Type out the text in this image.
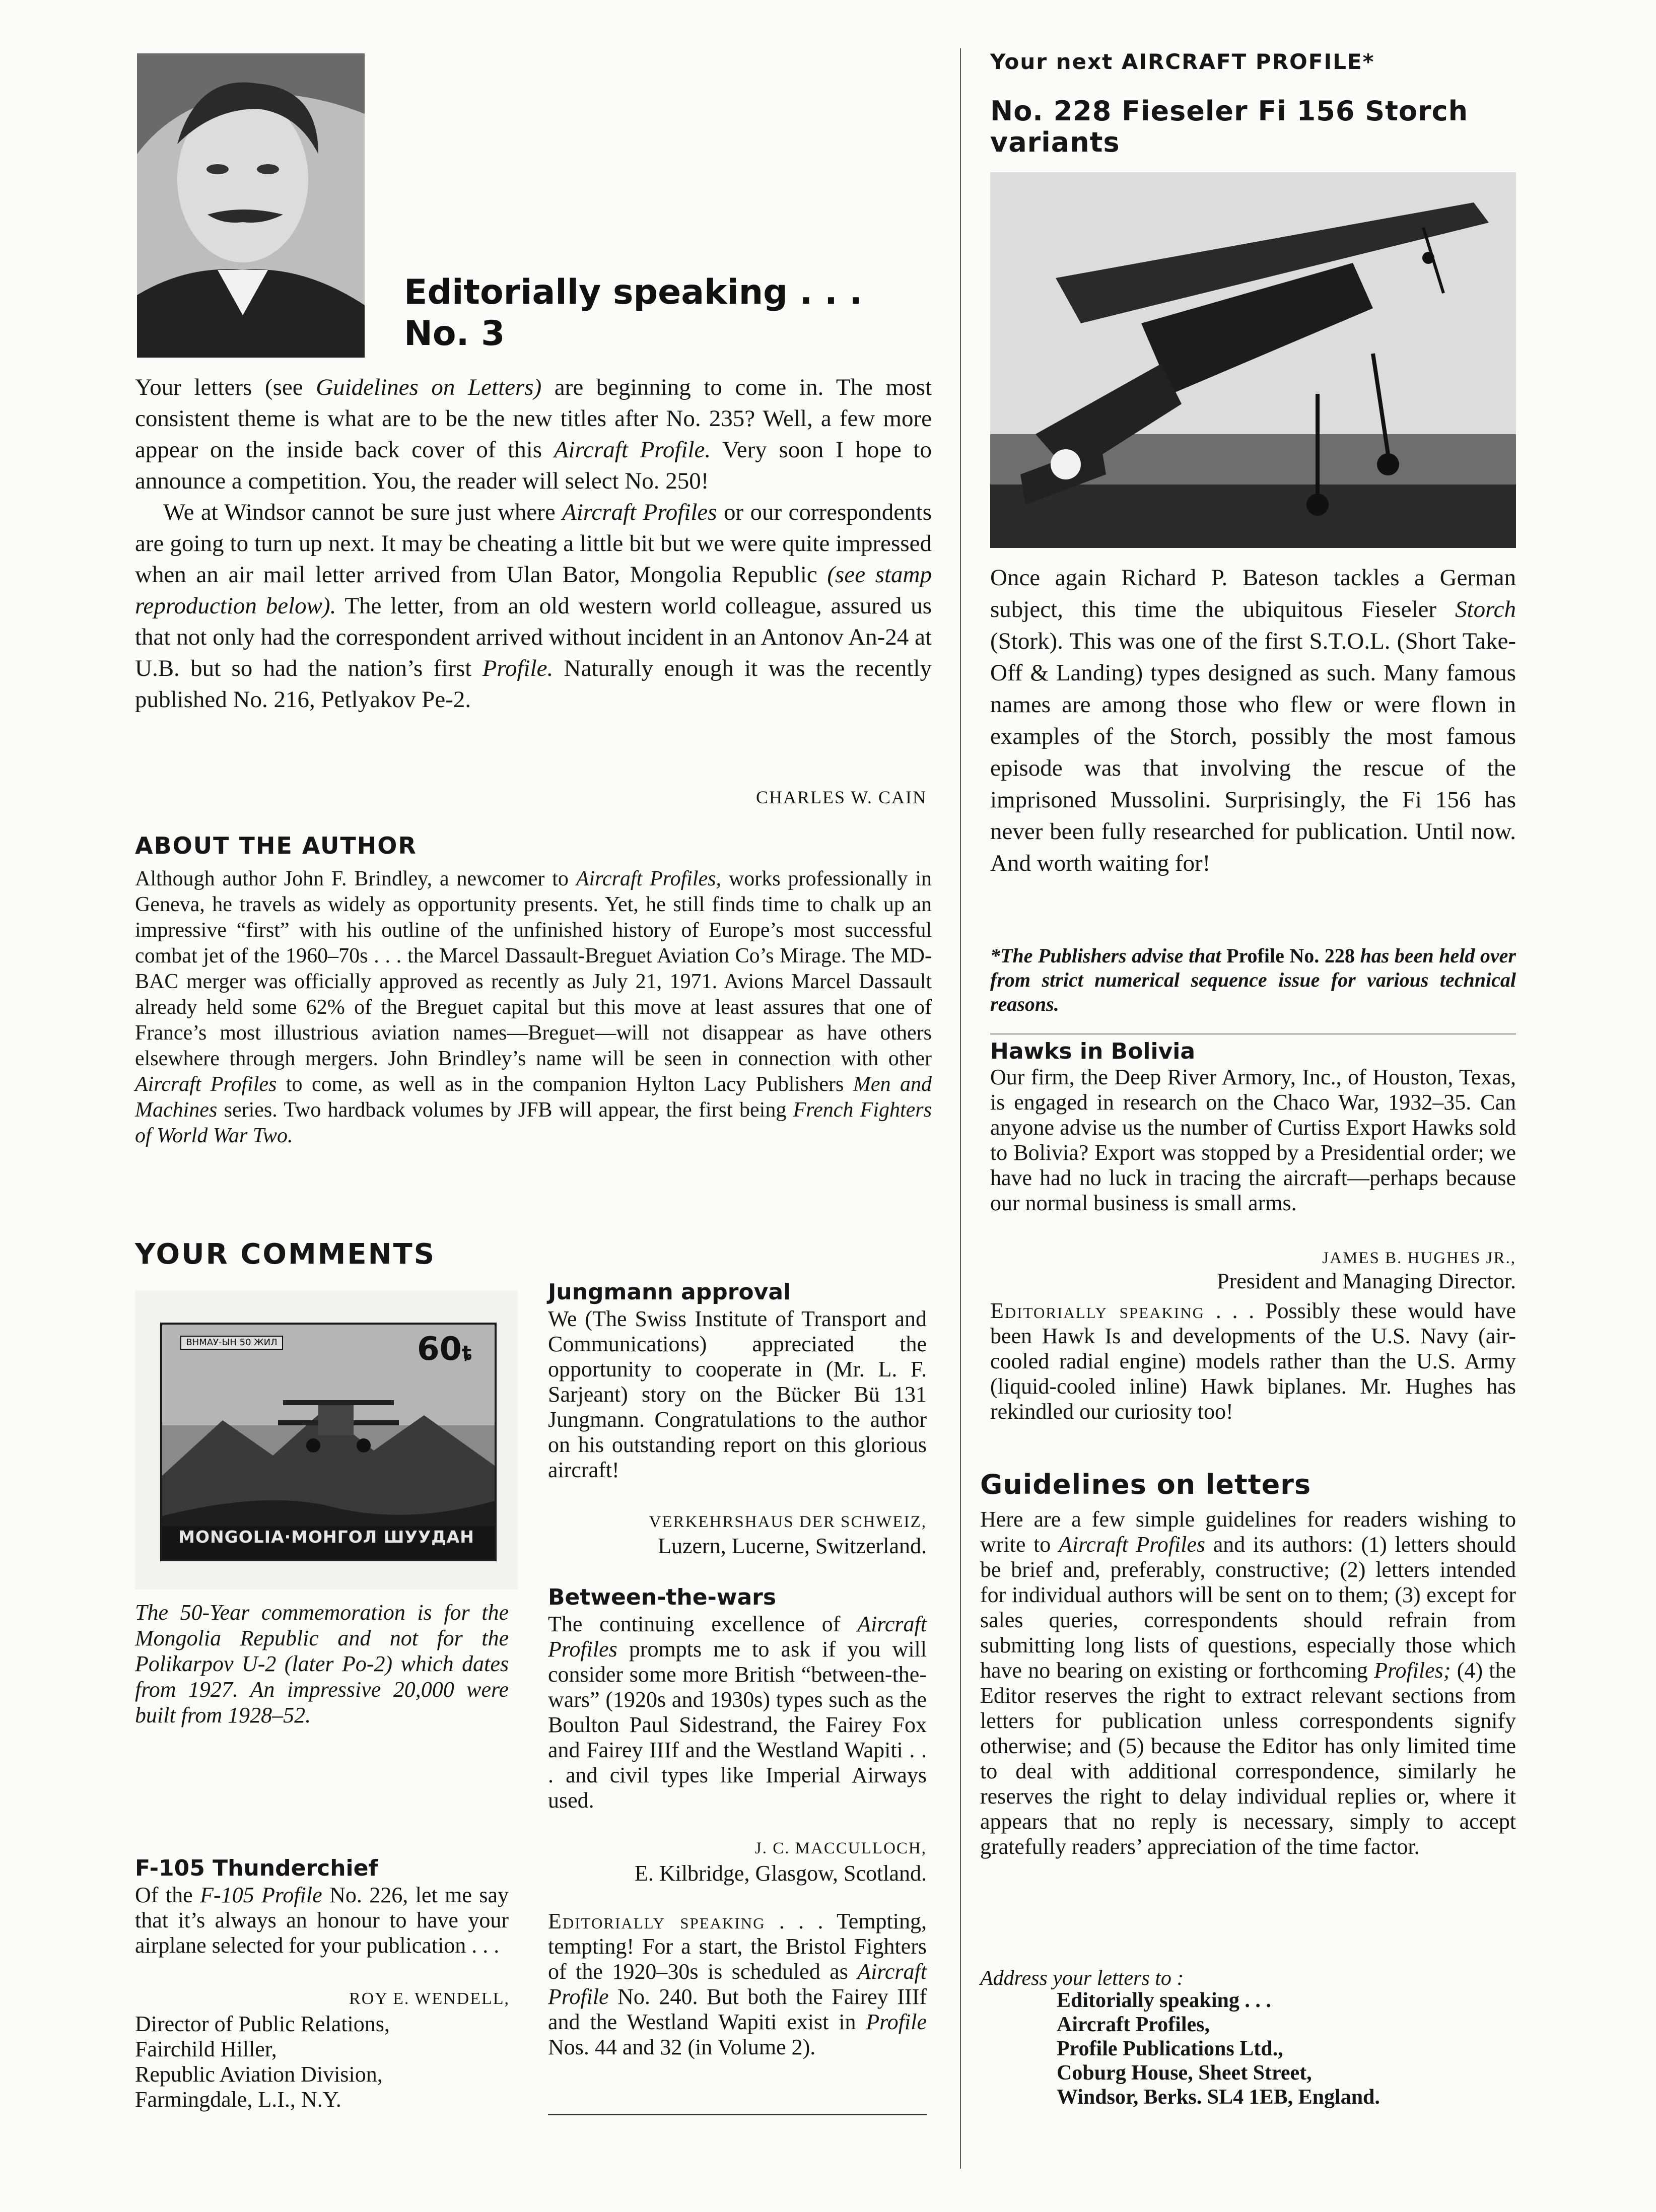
Editorially speaking . . .
No. 3

Your letters (see Guidelines on Letters) are beginning to come in. The most consistent theme is what are to be the new titles after No. 235? Well, a few more appear on the inside back cover of this Aircraft Profile. Very soon I hope to announce a competition. You, the reader will select No. 250!

We at Windsor cannot be sure just where Aircraft Profiles or our correspondents are going to turn up next. It may be cheating a little bit but we were quite impressed when an air mail letter arrived from Ulan Bator, Mongolia Republic (see stamp reproduction below). The letter, from an old western world colleague, assured us that not only had the correspondent arrived without incident in an Antonov An-24 at U.B. but so had the nation’s first Profile. Naturally enough it was the recently published No. 216, Petlyakov Pe-2.

CHARLES W. CAIN
ABOUT THE AUTHOR
Although author John F. Brindley, a newcomer to Aircraft Profiles, works professionally in Geneva, he travels as widely as opportunity presents. Yet, he still finds time to chalk up an impressive “first” with his outline of the unfinished history of Europe’s most successful combat jet of the 1960–70s . . . the Marcel Dassault-Breguet Aviation Co’s Mirage. The MD-BAC merger was officially approved as recently as July 21, 1971. Avions Marcel Dassault already held some 62% of the Breguet capital but this move at least assures that one of France’s most illustrious aviation names—Breguet—will not disappear as have others elsewhere through mergers. John Brindley’s name will be seen in connection with other Aircraft Profiles to come, as well as in the companion Hylton Lacy Publishers Men and Machines series. Two hardback volumes by JFB will appear, the first being French Fighters of World War Two.
YOUR COMMENTS
ВНМАУ-ЫН 50 ЖИЛ	60ȶ
MONGOLIA·МОНГОЛ ШУУДАН
The 50-Year commemoration is for the Mongolia Republic and not for the Polikarpov U-2 (later Po-2) which dates from 1927. An impressive 20,000 were built from 1928–52.
F-105 Thunderchief
Of the F-105 Profile No. 226, let me say that it’s always an honour to have your airplane selected for your publication . . .
ROY E. WENDELL,
Director of Public Relations,
Fairchild Hiller,
Republic Aviation Division,
Farmingdale, L.I., N.Y.
Jungmann approval
We (The Swiss Institute of Transport and Communications) appreciated the opportunity to cooperate in (Mr. L. F. Sarjeant) story on the Bücker Bü 131 Jungmann. Congratulations to the author on his outstanding report on this glorious aircraft!
VERKEHRSHAUS DER SCHWEIZ,
Luzern, Lucerne, Switzerland.
Between-the-wars
The continuing excellence of Aircraft Profiles prompts me to ask if you will consider some more British “between-the-wars” (1920s and 1930s) types such as the Boulton Paul Sidestrand, the Fairey Fox and Fairey IIIf and the Westland Wapiti . . . and civil types like Imperial Airways used.
J. C. MACCULLOCH,
E. Kilbridge, Glasgow, Scotland.
Editorially speaking . . . Tempting, tempting! For a start, the Bristol Fighters of the 1920–30s is scheduled as Aircraft Profile No. 240. But both the Fairey IIIf and the Westland Wapiti exist in Profile Nos. 44 and 32 (in Volume 2).
Your next AIRCRAFT PROFILE*
No. 228 Fieseler Fi 156 Storch variants
Once again Richard P. Bateson tackles a German subject, this time the ubiquitous Fieseler Storch (Stork). This was one of the first S.T.O.L. (Short Take-Off & Landing) types designed as such. Many famous names are among those who flew or were flown in examples of the Storch, possibly the most famous episode was that involving the rescue of the imprisoned Mussolini. Surprisingly, the Fi 156 has never been fully researched for publication. Until now. And worth waiting for!
*The Publishers advise that Profile No. 228 has been held over from strict numerical sequence issue for various technical reasons.
Hawks in Bolivia
Our firm, the Deep River Armory, Inc., of Houston, Texas, is engaged in research on the Chaco War, 1932–35. Can anyone advise us the number of Curtiss Export Hawks sold to Bolivia? Export was stopped by a Presidential order; we have had no luck in tracing the aircraft—perhaps because our normal business is small arms.
JAMES B. HUGHES JR.,
President and Managing Director.
Editorially speaking . . . Possibly these would have been Hawk Is and developments of the U.S. Navy (air-cooled radial engine) models rather than the U.S. Army (liquid-cooled inline) Hawk biplanes. Mr. Hughes has rekindled our curiosity too!
Guidelines on letters
Here are a few simple guidelines for readers wishing to write to Aircraft Profiles and its authors: (1) letters should be brief and, preferably, constructive; (2) letters intended for individual authors will be sent on to them; (3) except for sales queries, correspondents should refrain from submitting long lists of questions, especially those which have no bearing on existing or forthcoming Profiles; (4) the Editor reserves the right to extract relevant sections from letters for publication unless correspondents signify otherwise; and (5) because the Editor has only limited time to deal with additional correspondence, similarly he reserves the right to delay individual replies or, where it appears that no reply is necessary, simply to accept gratefully readers’ appreciation of the time factor.
Address your letters to :
Editorially speaking . . .
Aircraft Profiles,
Profile Publications Ltd.,
Coburg House, Sheet Street,
Windsor, Berks. SL4 1EB, England.
